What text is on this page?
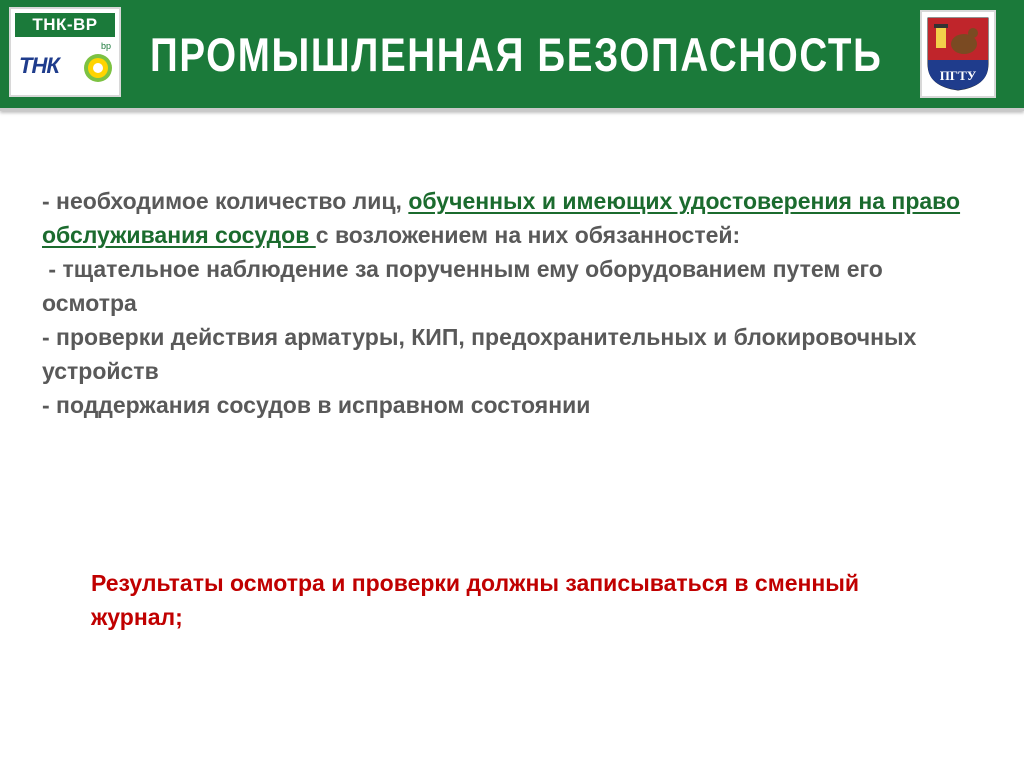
ТНК-ВР
bp
ТНК ПРОМЫШЛЕННАЯ БЕЗОПАСНОСТЬ	ПГТУ

- необходимое количество лиц, обученных и имеющих удостоверения на право обслуживания сосудов с возложением на них обязанностей:

- тщательное наблюдение за порученным ему оборудованием путем его осмотра

- проверки действия арматуры, КИП, предохранительных и блокировочных устройств

- поддержания сосудов в исправном состоянии

Результаты осмотра и проверки должны записываться в сменный журнал;
